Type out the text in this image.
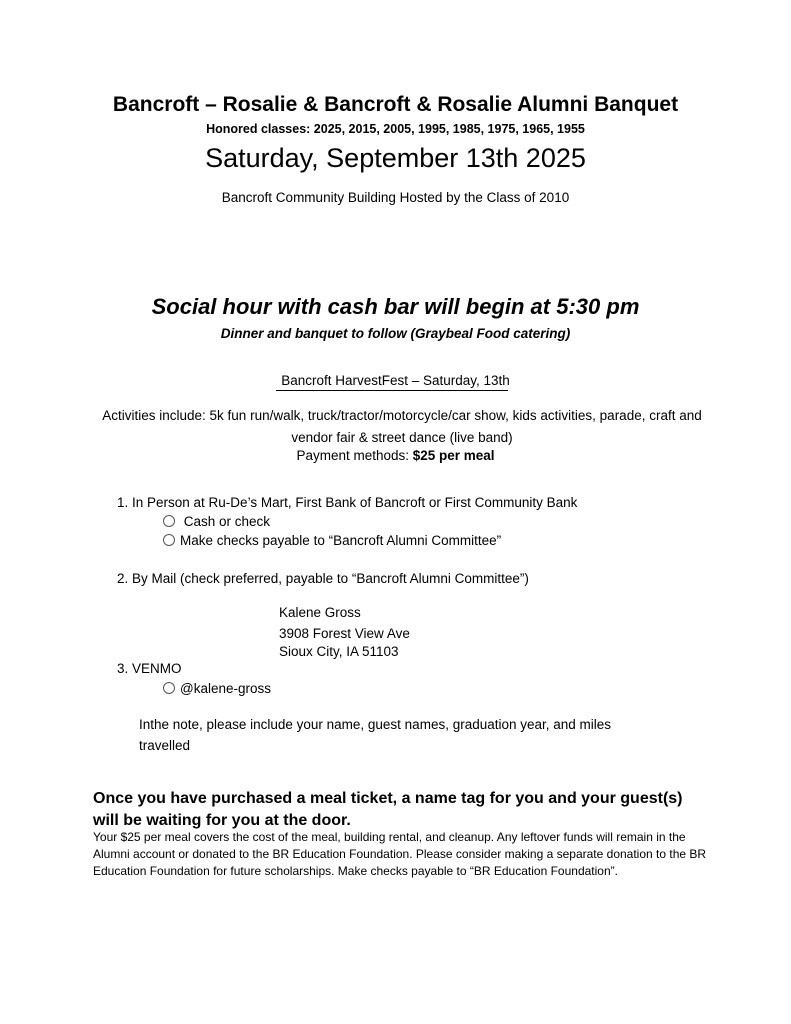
Bancroft – Rosalie & Bancroft & Rosalie Alumni Banquet
Honored classes: 2025, 2015, 2005, 1995, 1985, 1975, 1965, 1955
Saturday, September 13th 2025
Bancroft Community Building Hosted by the Class of 2010
Social hour with cash bar will begin at 5:30 pm
Dinner and banquet to follow (Graybeal Food catering)
Bancroft HarvestFest – Saturday, 13th
Activities include: 5k fun run/walk, truck/tractor/motorcycle/car show, kids activities, parade, craft and vendor fair & street dance (live band)
Payment methods: $25 per meal
1. In Person at Ru-De’s Mart, First Bank of Bancroft or First Community Bank
Cash or check
Make checks payable to “Bancroft Alumni Committee”
2. By Mail (check preferred, payable to “Bancroft Alumni Committee”)
Kalene Gross
3908 Forest View Ave
Sioux City, IA 51103
3. VENMO
@kalene-gross
Inthe note, please include your name, guest names, graduation year, and miles travelled
Once you have purchased a meal ticket, a name tag for you and your guest(s) will be waiting for you at the door.
Your $25 per meal covers the cost of the meal, building rental, and cleanup. Any leftover funds will remain in the Alumni account or donated to the BR Education Foundation. Please consider making a separate donation to the BR Education Foundation for future scholarships. Make checks payable to “BR Education Foundation”.
